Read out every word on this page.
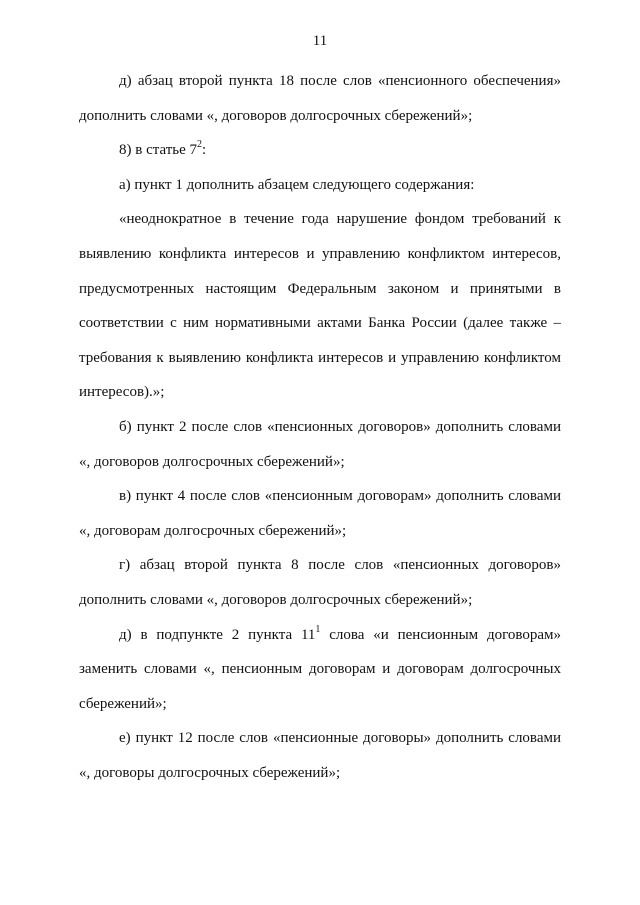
11

д) абзац второй пункта 18 после слов «пенсионного обеспечения» дополнить словами «, договоров долгосрочных сбережений»;

8) в статье $7^2$:

а) пункт 1 дополнить абзацем следующего содержания:

«неоднократное в течение года нарушение фондом требований к выявлению конфликта интересов и управлению конфликтом интересов, предусмотренных настоящим Федеральным законом и принятыми в соответствии с ним нормативными актами Банка России (далее также – требования к выявлению конфликта интересов и управлению конфликтом интересов).»;

б) пункт 2 после слов «пенсионных договоров» дополнить словами «, договоров долгосрочных сбережений»;

в) пункт 4 после слов «пенсионным договорам» дополнить словами «, договорам долгосрочных сбережений»;

г) абзац второй пункта 8 после слов «пенсионных договоров» дополнить словами «, договоров долгосрочных сбережений»;

д) в подпункте 2 пункта $11^1$ слова «и пенсионным договорам» заменить словами «, пенсионным договорам и договорам долгосрочных сбережений»;

е) пункт 12 после слов «пенсионные договоры» дополнить словами «, договоры долгосрочных сбережений»;
